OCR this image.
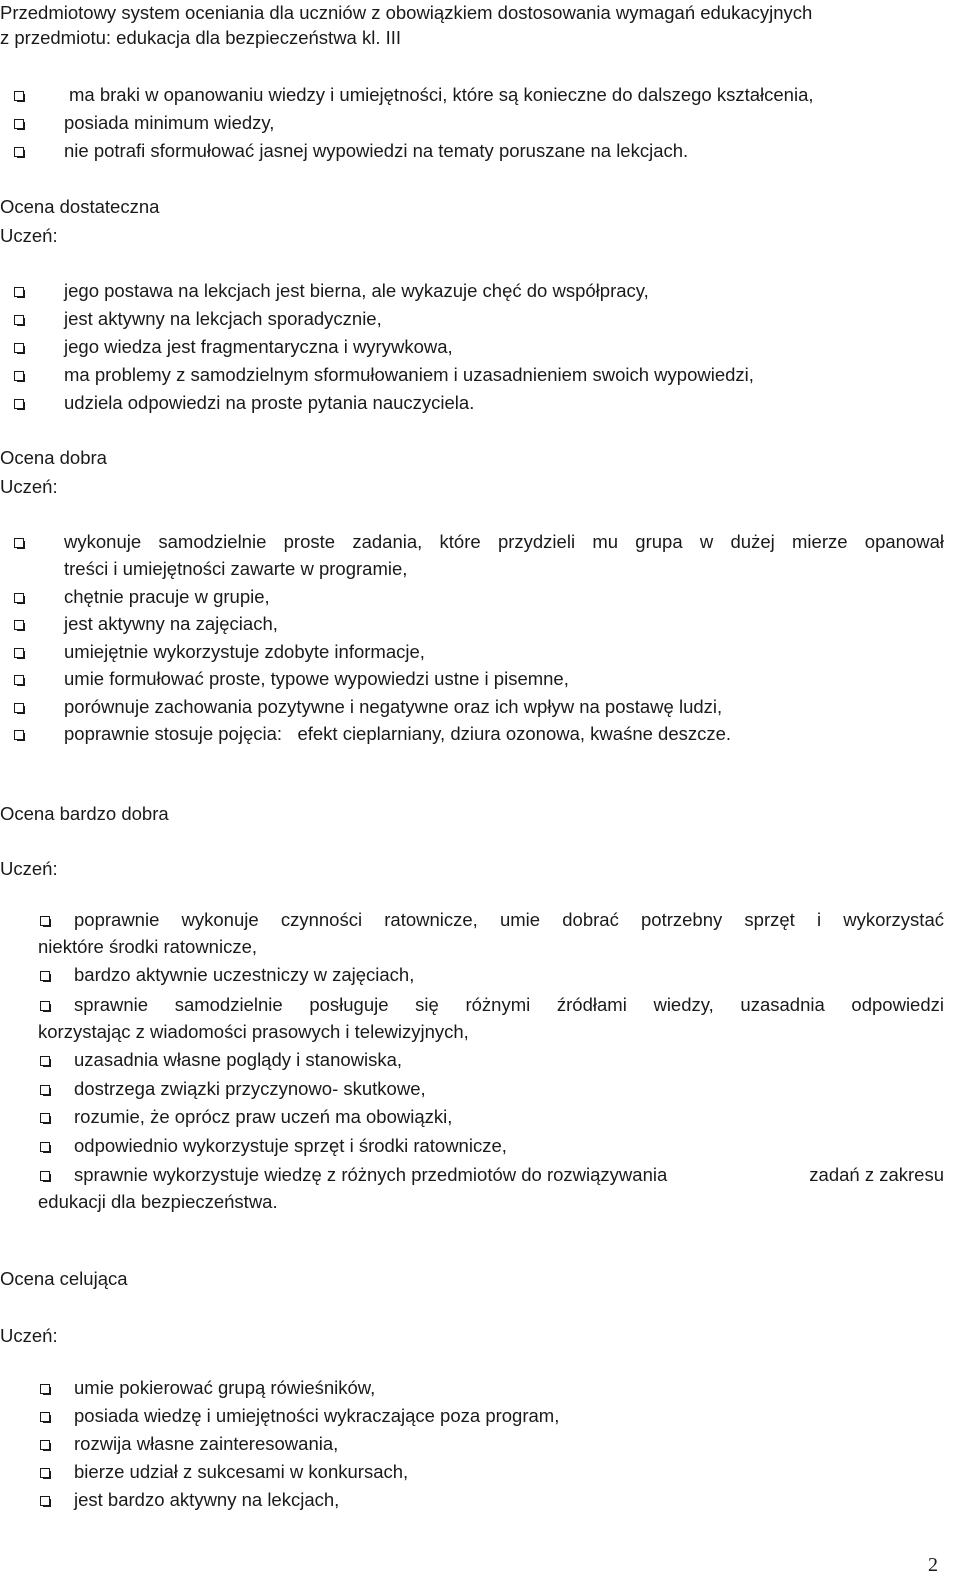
Przedmiotowy system oceniania dla uczniów z obowiązkiem dostosowania wymagań edukacyjnych
z przedmiotu: edukacja dla bezpieczeństwa kl. III
ma braki w opanowaniu wiedzy i umiejętności, które są konieczne do dalszego kształcenia,
posiada minimum wiedzy,
nie potrafi sformułować jasnej wypowiedzi na tematy poruszane na lekcjach.
Ocena dostateczna
Uczeń:
jego postawa na lekcjach jest bierna, ale wykazuje chęć do współpracy,
jest aktywny na lekcjach sporadycznie,
jego wiedza jest fragmentaryczna i wyrywkowa,
ma problemy z samodzielnym sformułowaniem i uzasadnieniem swoich wypowiedzi,
udziela odpowiedzi na proste pytania nauczyciela.
Ocena dobra
Uczeń:
wykonuje samodzielnie proste zadania, które przydzieli mu grupa w dużej mierze opanował
treści i umiejętności zawarte w programie,
chętnie pracuje w grupie,
jest aktywny na zajęciach,
umiejętnie wykorzystuje zdobyte informacje,
umie formułować proste, typowe wypowiedzi ustne i pisemne,
porównuje zachowania pozytywne i negatywne oraz ich wpływ na postawę ludzi,
poprawnie stosuje pojęcia:   efekt cieplarniany, dziura ozonowa, kwaśne deszcze.
Ocena bardzo dobra
Uczeń:
poprawnie wykonuje czynności ratownicze, umie dobrać potrzebny sprzęt i wykorzystać
niektóre środki ratownicze,
bardzo aktywnie uczestniczy w zajęciach,
sprawnie samodzielnie posługuje się różnymi źródłami wiedzy, uzasadnia odpowiedzi
korzystając z wiadomości prasowych i telewizyjnych,
uzasadnia własne poglądy i stanowiska,
dostrzega związki przyczynowo- skutkowe,
rozumie, że oprócz praw uczeń ma obowiązki,
odpowiednio wykorzystuje sprzęt i środki ratownicze,
sprawnie wykorzystuje wiedzę z różnych przedmiotów do rozwiązywania	zadań z zakresu
edukacji dla bezpieczeństwa.
Ocena celująca
Uczeń:
umie pokierować grupą rówieśników,
posiada wiedzę i umiejętności wykraczające poza program,
rozwija własne zainteresowania,
bierze udział z sukcesami w konkursach,
jest bardzo aktywny na lekcjach,
2
